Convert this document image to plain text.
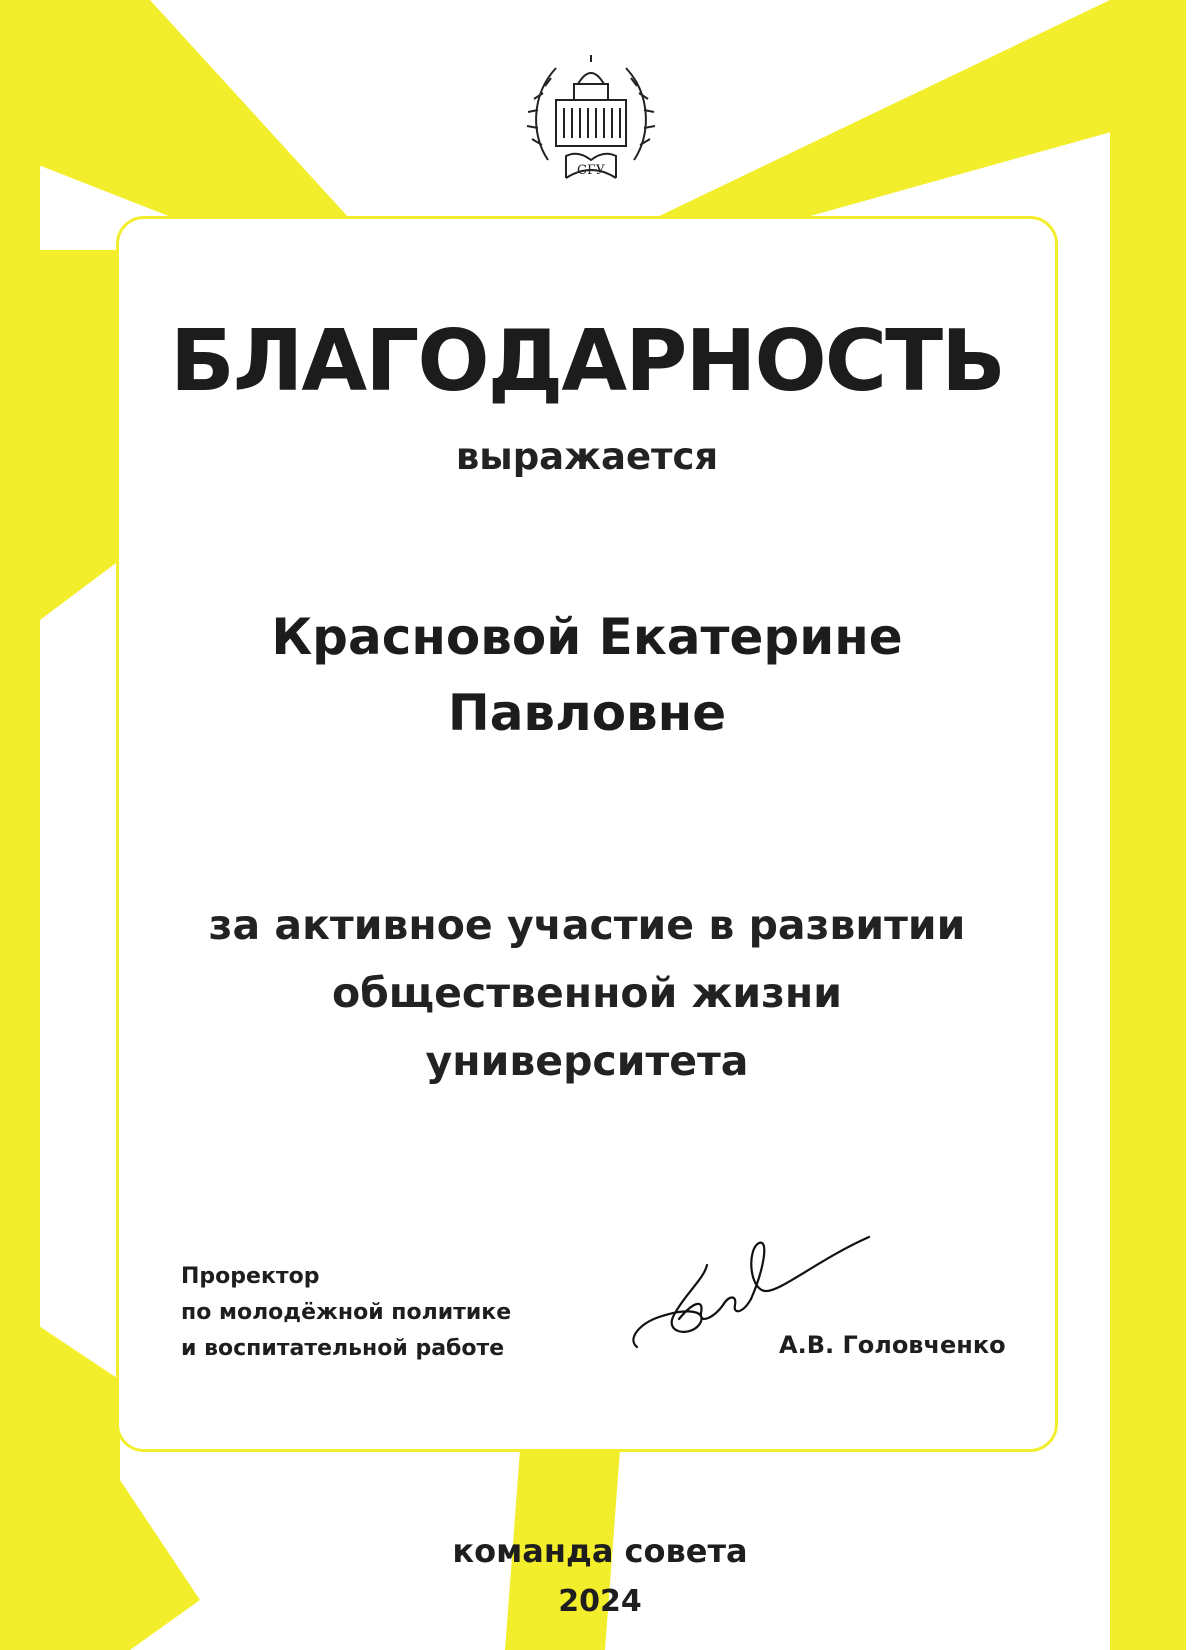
СГУ
БЛАГОДАРНОСТЬ
выражается
Красновой Екатерине
Павловне
за активное участие в развитии
общественной жизни
университета
Проректор
по молодёжной политике
и воспитательной работе	А.В. Головченко
команда совета
2024
